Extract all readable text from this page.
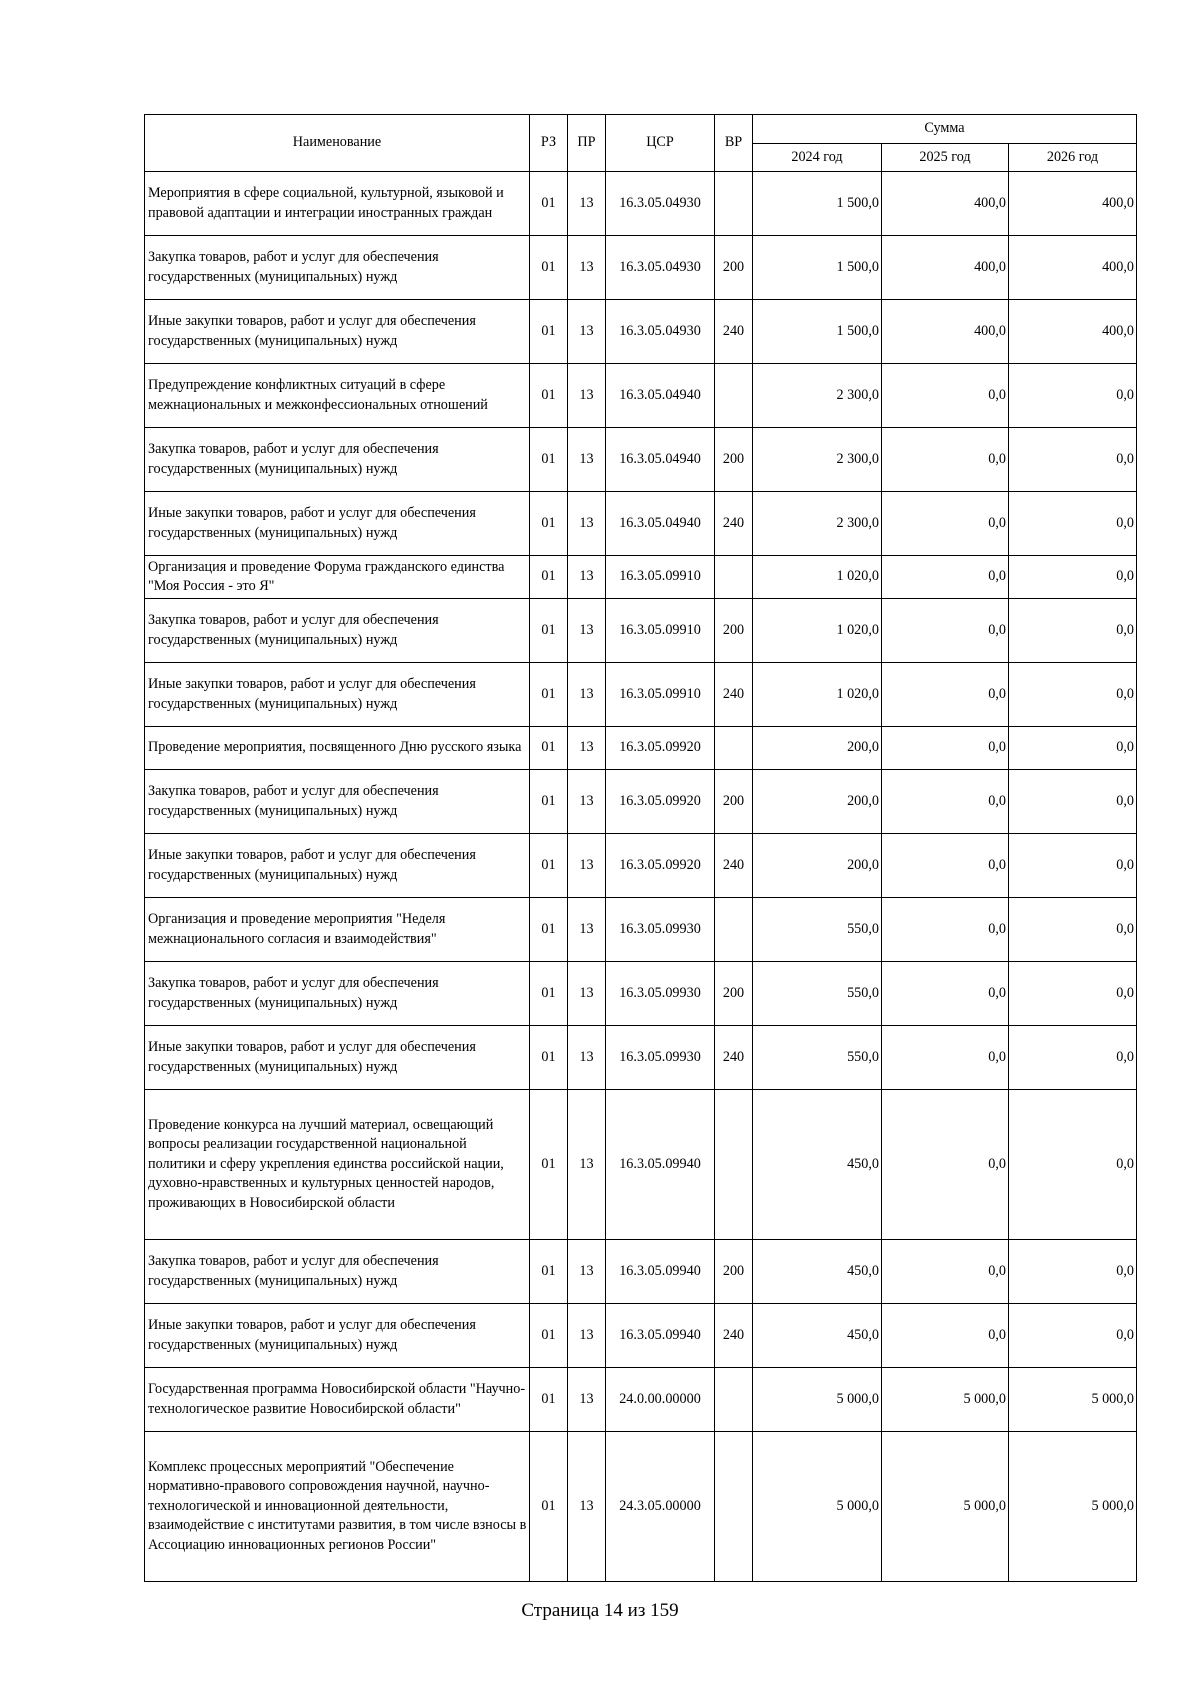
Наименование	РЗ	ПР	ЦСР	ВР	Сумма		
					2024 год	2025 год	2026 год
Мероприятия в сфере социальной, культурной, языковой и правовой адаптации и интеграции иностранных граждан	01	13	16.3.05.04930		1 500,0	400,0	400,0
Закупка товаров, работ и услуг для обеспечения государственных (муниципальных) нужд	01	13	16.3.05.04930	200	1 500,0	400,0	400,0
Иные закупки товаров, работ и услуг для обеспечения государственных (муниципальных) нужд	01	13	16.3.05.04930	240	1 500,0	400,0	400,0
Предупреждение конфликтных ситуаций в сфере межнациональных и межконфессиональных отношений	01	13	16.3.05.04940		2 300,0	0,0	0,0
Закупка товаров, работ и услуг для обеспечения государственных (муниципальных) нужд	01	13	16.3.05.04940	200	2 300,0	0,0	0,0
Иные закупки товаров, работ и услуг для обеспечения государственных (муниципальных) нужд	01	13	16.3.05.04940	240	2 300,0	0,0	0,0
Организация и проведение Форума гражданского единства "Моя Россия - это Я"	01	13	16.3.05.09910		1 020,0	0,0	0,0
Закупка товаров, работ и услуг для обеспечения государственных (муниципальных) нужд	01	13	16.3.05.09910	200	1 020,0	0,0	0,0
Иные закупки товаров, работ и услуг для обеспечения государственных (муниципальных) нужд	01	13	16.3.05.09910	240	1 020,0	0,0	0,0
Проведение мероприятия, посвященного Дню русского языка	01	13	16.3.05.09920		200,0	0,0	0,0
Закупка товаров, работ и услуг для обеспечения государственных (муниципальных) нужд	01	13	16.3.05.09920	200	200,0	0,0	0,0
Иные закупки товаров, работ и услуг для обеспечения государственных (муниципальных) нужд	01	13	16.3.05.09920	240	200,0	0,0	0,0
Организация и проведение мероприятия "Неделя межнационального согласия и взаимодействия"	01	13	16.3.05.09930		550,0	0,0	0,0
Закупка товаров, работ и услуг для обеспечения государственных (муниципальных) нужд	01	13	16.3.05.09930	200	550,0	0,0	0,0
Иные закупки товаров, работ и услуг для обеспечения государственных (муниципальных) нужд	01	13	16.3.05.09930	240	550,0	0,0	0,0
Проведение конкурса на лучший материал, освещающий вопросы реализации государственной национальной политики и сферу укрепления единства российской нации, духовно-нравственных и культурных ценностей народов, проживающих в Новосибирской области	01	13	16.3.05.09940		450,0	0,0	0,0
Закупка товаров, работ и услуг для обеспечения государственных (муниципальных) нужд	01	13	16.3.05.09940	200	450,0	0,0	0,0
Иные закупки товаров, работ и услуг для обеспечения государственных (муниципальных) нужд	01	13	16.3.05.09940	240	450,0	0,0	0,0
Государственная программа Новосибирской области "Научно-технологическое развитие Новосибирской области"	01	13	24.0.00.00000		5 000,0	5 000,0	5 000,0
Комплекс процессных мероприятий "Обеспечение нормативно-правового сопровождения научной, научно-технологической и инновационной деятельности, взаимодействие с институтами развития, в том числе взносы в Ассоциацию инновационных регионов России"	01	13	24.3.05.00000		5 000,0	5 000,0	5 000,0
Страница 14 из 159
